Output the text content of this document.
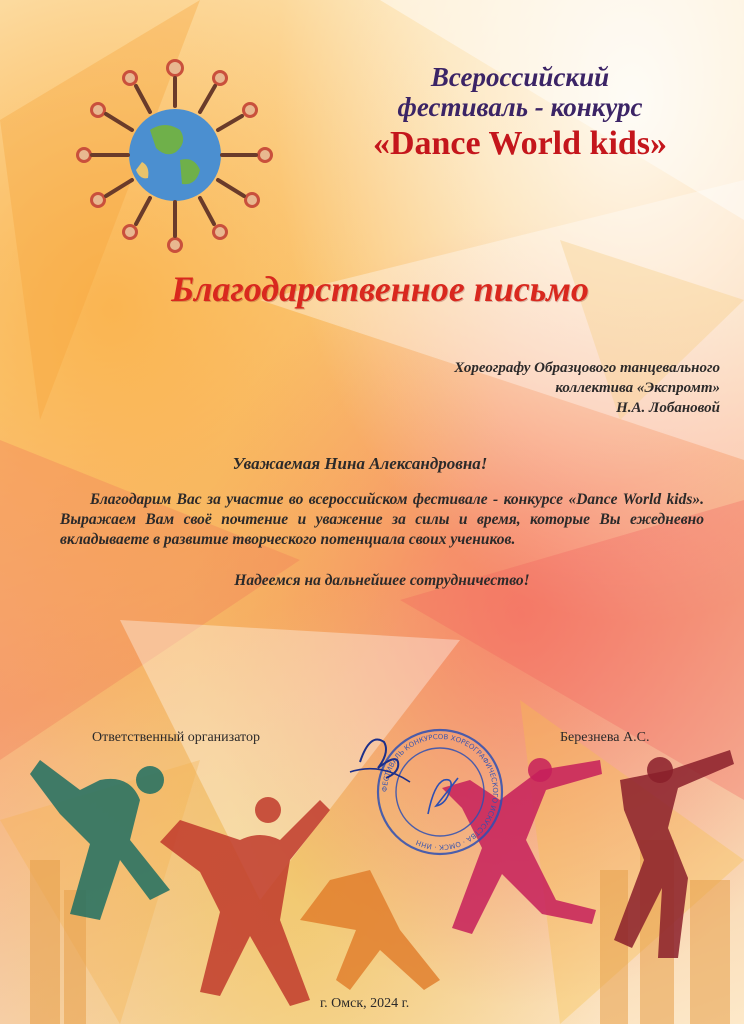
Всероссийский
фестиваль - конкурс
«Dance World kids»
Благодарственное письмо
Хореографу Образцового танцевального
коллектива «Экспромт»
Н.А. Лобановой
Уважаемая Нина Александровна!
Благодарим Вас за участие во всероссийском фестивале - конкурсе «Dance World kids». Выражаем Вам своё почтение и уважение за силы и время, которые Вы ежедневно вкладываете в развитие творческого потенциала своих учеников.
Надеемся на дальнейшее сотрудничество!
Ответственный организатор	Березнева А.С.
ФЕСТИВАЛЬ КОНКУРСОВ ХОРЕОГРАФИЧЕСКОГО ИСКУССТВА · ОМСК · ИНН
г. Омск, 2024 г.
